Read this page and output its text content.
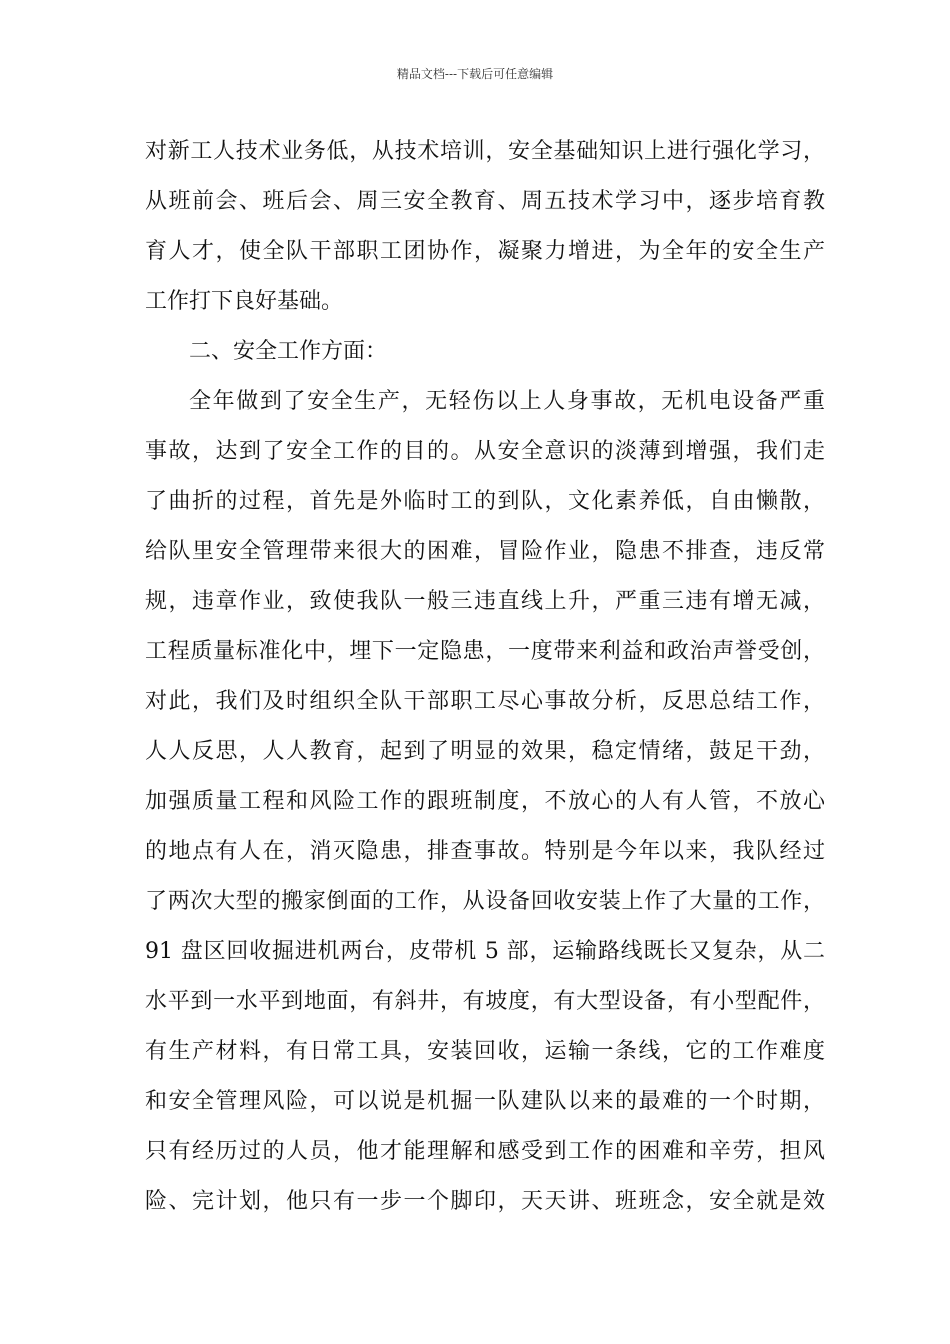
精品文档---下载后可任意编辑
对新工人技术业务低，从技术培训，安全基础知识上进行强化学习，
从班前会、班后会、周三安全教育、周五技术学习中，逐步培育教
育人才，使全队干部职工团协作，凝聚力增进，为全年的安全生产
工作打下良好基础。
二、安全工作方面：
全年做到了安全生产，无轻伤以上人身事故，无机电设备严重
事故，达到了安全工作的目的。从安全意识的淡薄到增强，我们走
了曲折的过程，首先是外临时工的到队，文化素养低，自由懒散，
给队里安全管理带来很大的困难，冒险作业，隐患不排查，违反常
规，违章作业，致使我队一般三违直线上升，严重三违有增无减，
工程质量标准化中，埋下一定隐患，一度带来利益和政治声誉受创，
对此，我们及时组织全队干部职工尽心事故分析，反思总结工作，
人人反思，人人教育，起到了明显的效果，稳定情绪，鼓足干劲，
加强质量工程和风险工作的跟班制度，不放心的人有人管，不放心
的地点有人在，消灭隐患，排查事故。特别是今年以来，我队经过
了两次大型的搬家倒面的工作，从设备回收安装上作了大量的工作，
91 盘区回收掘进机两台，皮带机 5 部，运输路线既长又复杂，从二
水平到一水平到地面，有斜井，有坡度，有大型设备，有小型配件，
有生产材料，有日常工具，安装回收，运输一条线，它的工作难度
和安全管理风险，可以说是机掘一队建队以来的最难的一个时期，
只有经历过的人员，他才能理解和感受到工作的困难和辛劳，担风
险、完计划，他只有一步一个脚印，天天讲、班班念，安全就是效
